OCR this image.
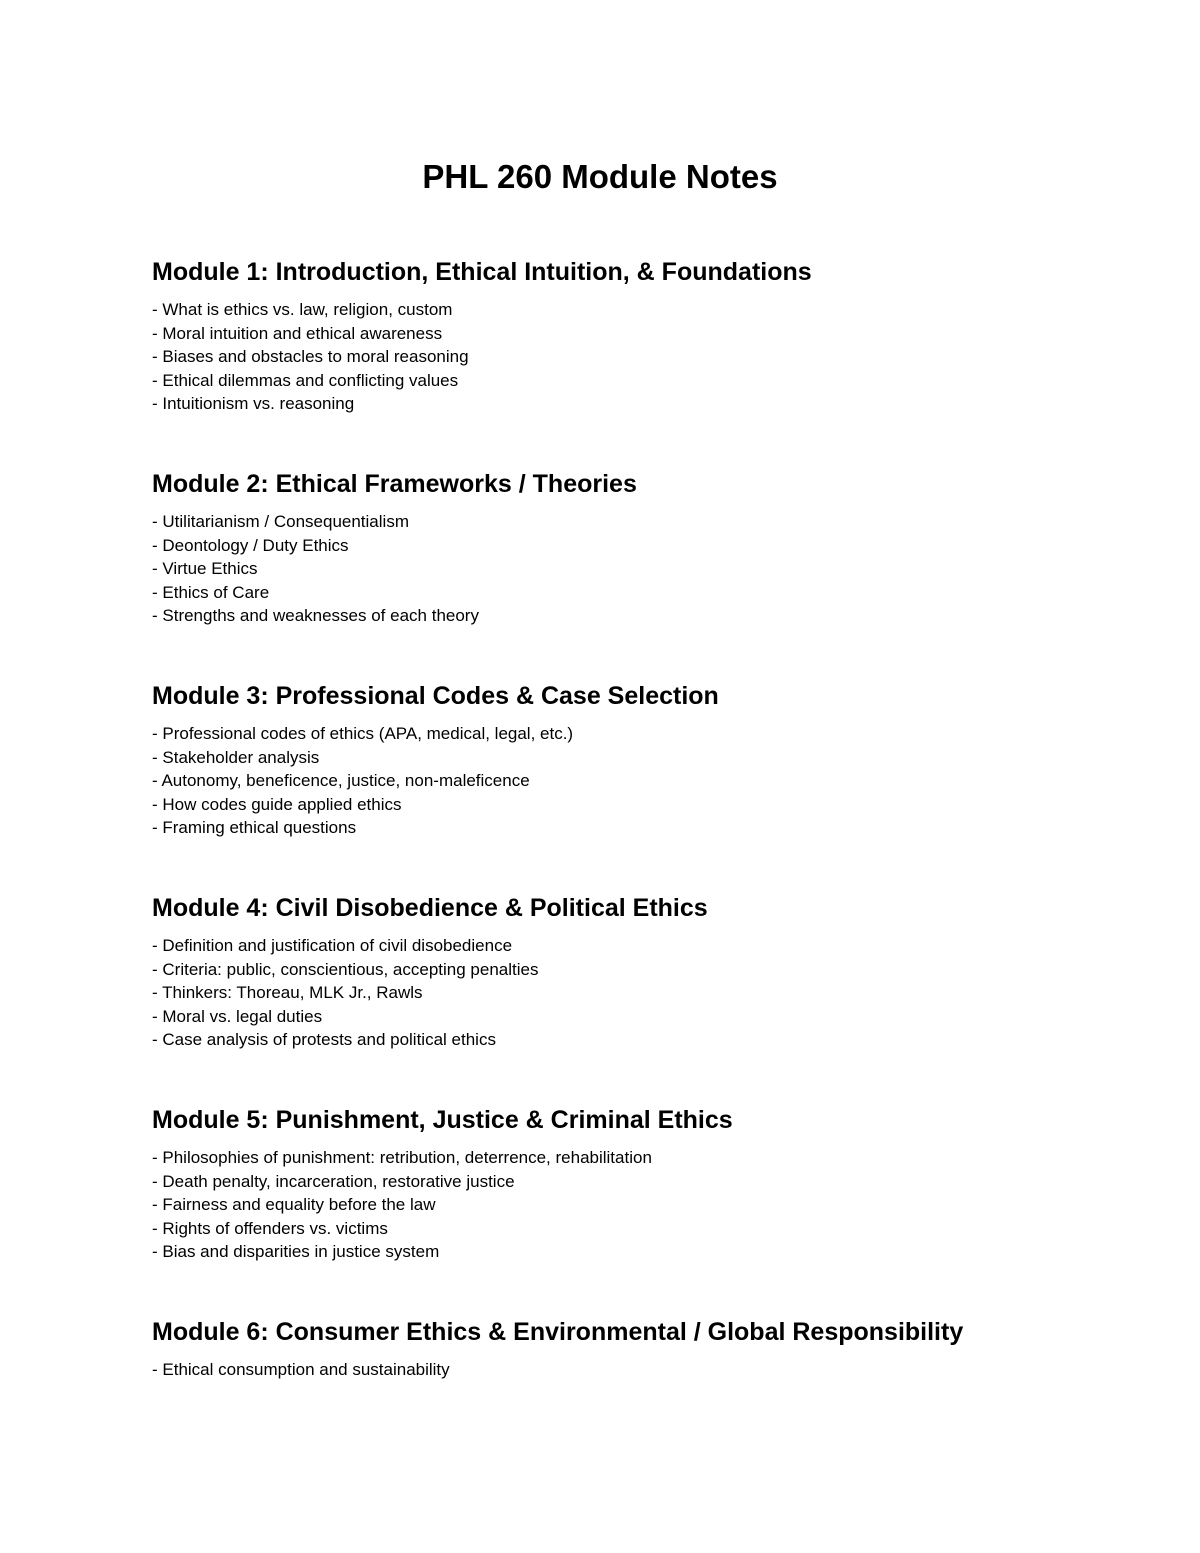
PHL 260 Module Notes
Module 1: Introduction, Ethical Intuition, & Foundations
- What is ethics vs. law, religion, custom
- Moral intuition and ethical awareness
- Biases and obstacles to moral reasoning
- Ethical dilemmas and conflicting values
- Intuitionism vs. reasoning
Module 2: Ethical Frameworks / Theories
- Utilitarianism / Consequentialism
- Deontology / Duty Ethics
- Virtue Ethics
- Ethics of Care
- Strengths and weaknesses of each theory
Module 3: Professional Codes & Case Selection
- Professional codes of ethics (APA, medical, legal, etc.)
- Stakeholder analysis
- Autonomy, beneficence, justice, non-maleficence
- How codes guide applied ethics
- Framing ethical questions
Module 4: Civil Disobedience & Political Ethics
- Definition and justification of civil disobedience
- Criteria: public, conscientious, accepting penalties
- Thinkers: Thoreau, MLK Jr., Rawls
- Moral vs. legal duties
- Case analysis of protests and political ethics
Module 5: Punishment, Justice & Criminal Ethics
- Philosophies of punishment: retribution, deterrence, rehabilitation
- Death penalty, incarceration, restorative justice
- Fairness and equality before the law
- Rights of offenders vs. victims
- Bias and disparities in justice system
Module 6: Consumer Ethics & Environmental / Global Responsibility
- Ethical consumption and sustainability
